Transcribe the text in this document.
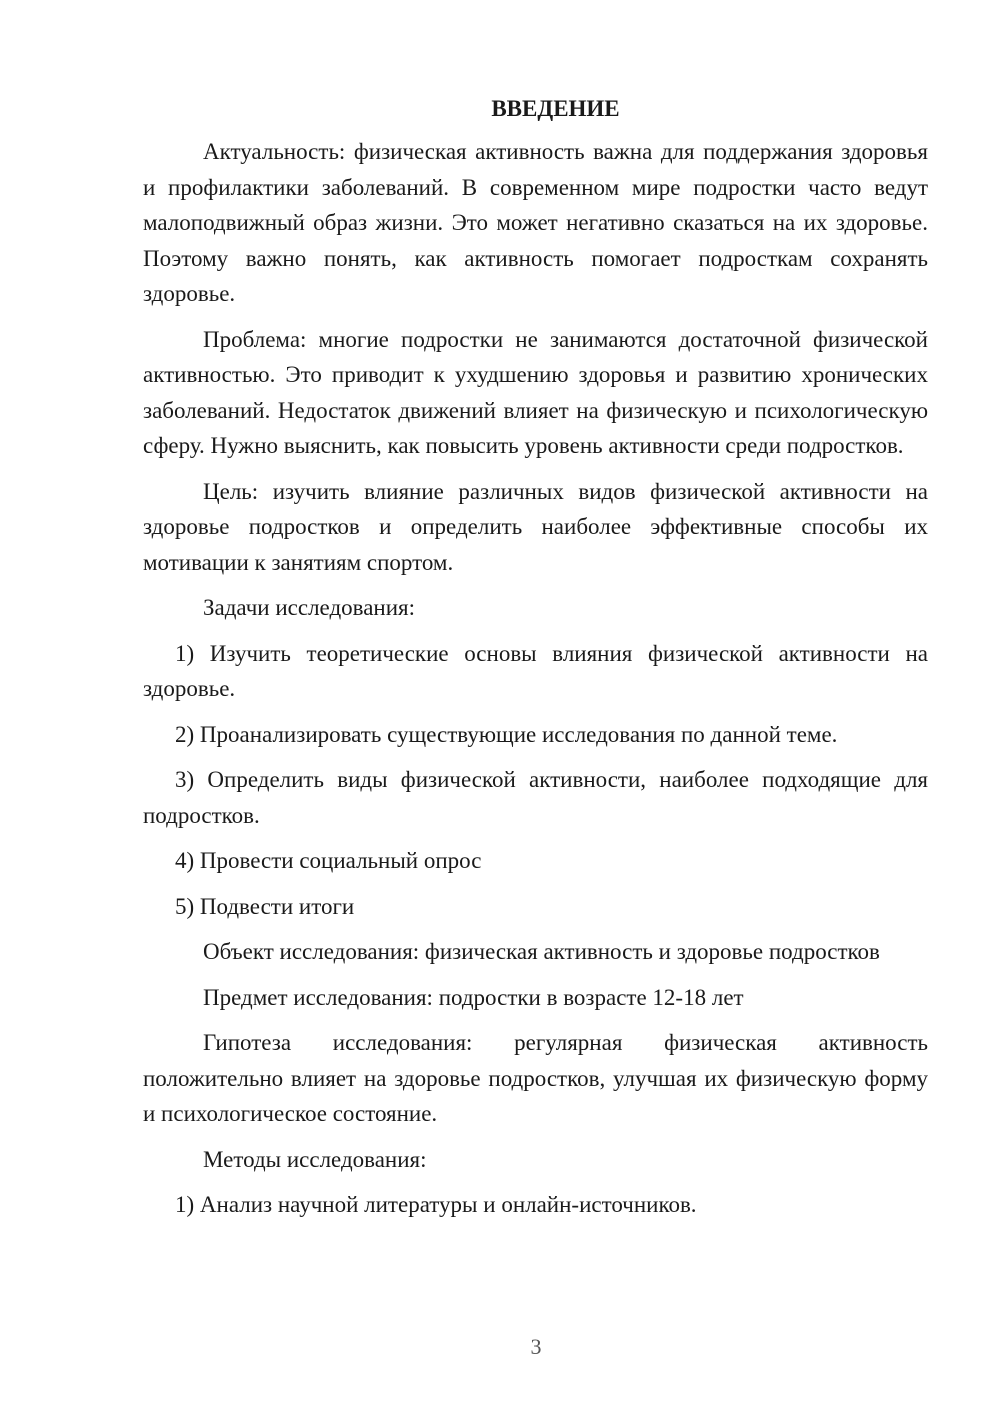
ВВЕДЕНИЕ

Актуальность: физическая активность важна для поддержания здоровья и профилактики заболеваний. В современном мире подростки часто ведут малоподвижный образ жизни. Это может негативно сказаться на их здоровье. Поэтому важно понять, как активность помогает подросткам сохранять здоровье.

Проблема: многие подростки не занимаются достаточной физической активностью. Это приводит к ухудшению здоровья и развитию хронических заболеваний. Недостаток движений влияет на физическую и психологическую сферу. Нужно выяснить, как повысить уровень активности среди подростков.

Цель: изучить влияние различных видов физической активности на здоровье подростков и определить наиболее эффективные способы их мотивации к занятиям спортом.

Задачи исследования:

1) Изучить теоретические основы влияния физической активности на здоровье.

2) Проанализировать существующие исследования по данной теме.

3) Определить виды физической активности, наиболее подходящие для подростков.

4) Провести социальный опрос

5) Подвести итоги

Объект исследования: физическая активность и здоровье подростков

Предмет исследования: подростки в возрасте 12-18 лет

Гипотеза исследования: регулярная физическая активность положительно влияет на здоровье подростков, улучшая их физическую форму и психологическое состояние.

Методы исследования:

1) Анализ научной литературы и онлайн-источников.

3
